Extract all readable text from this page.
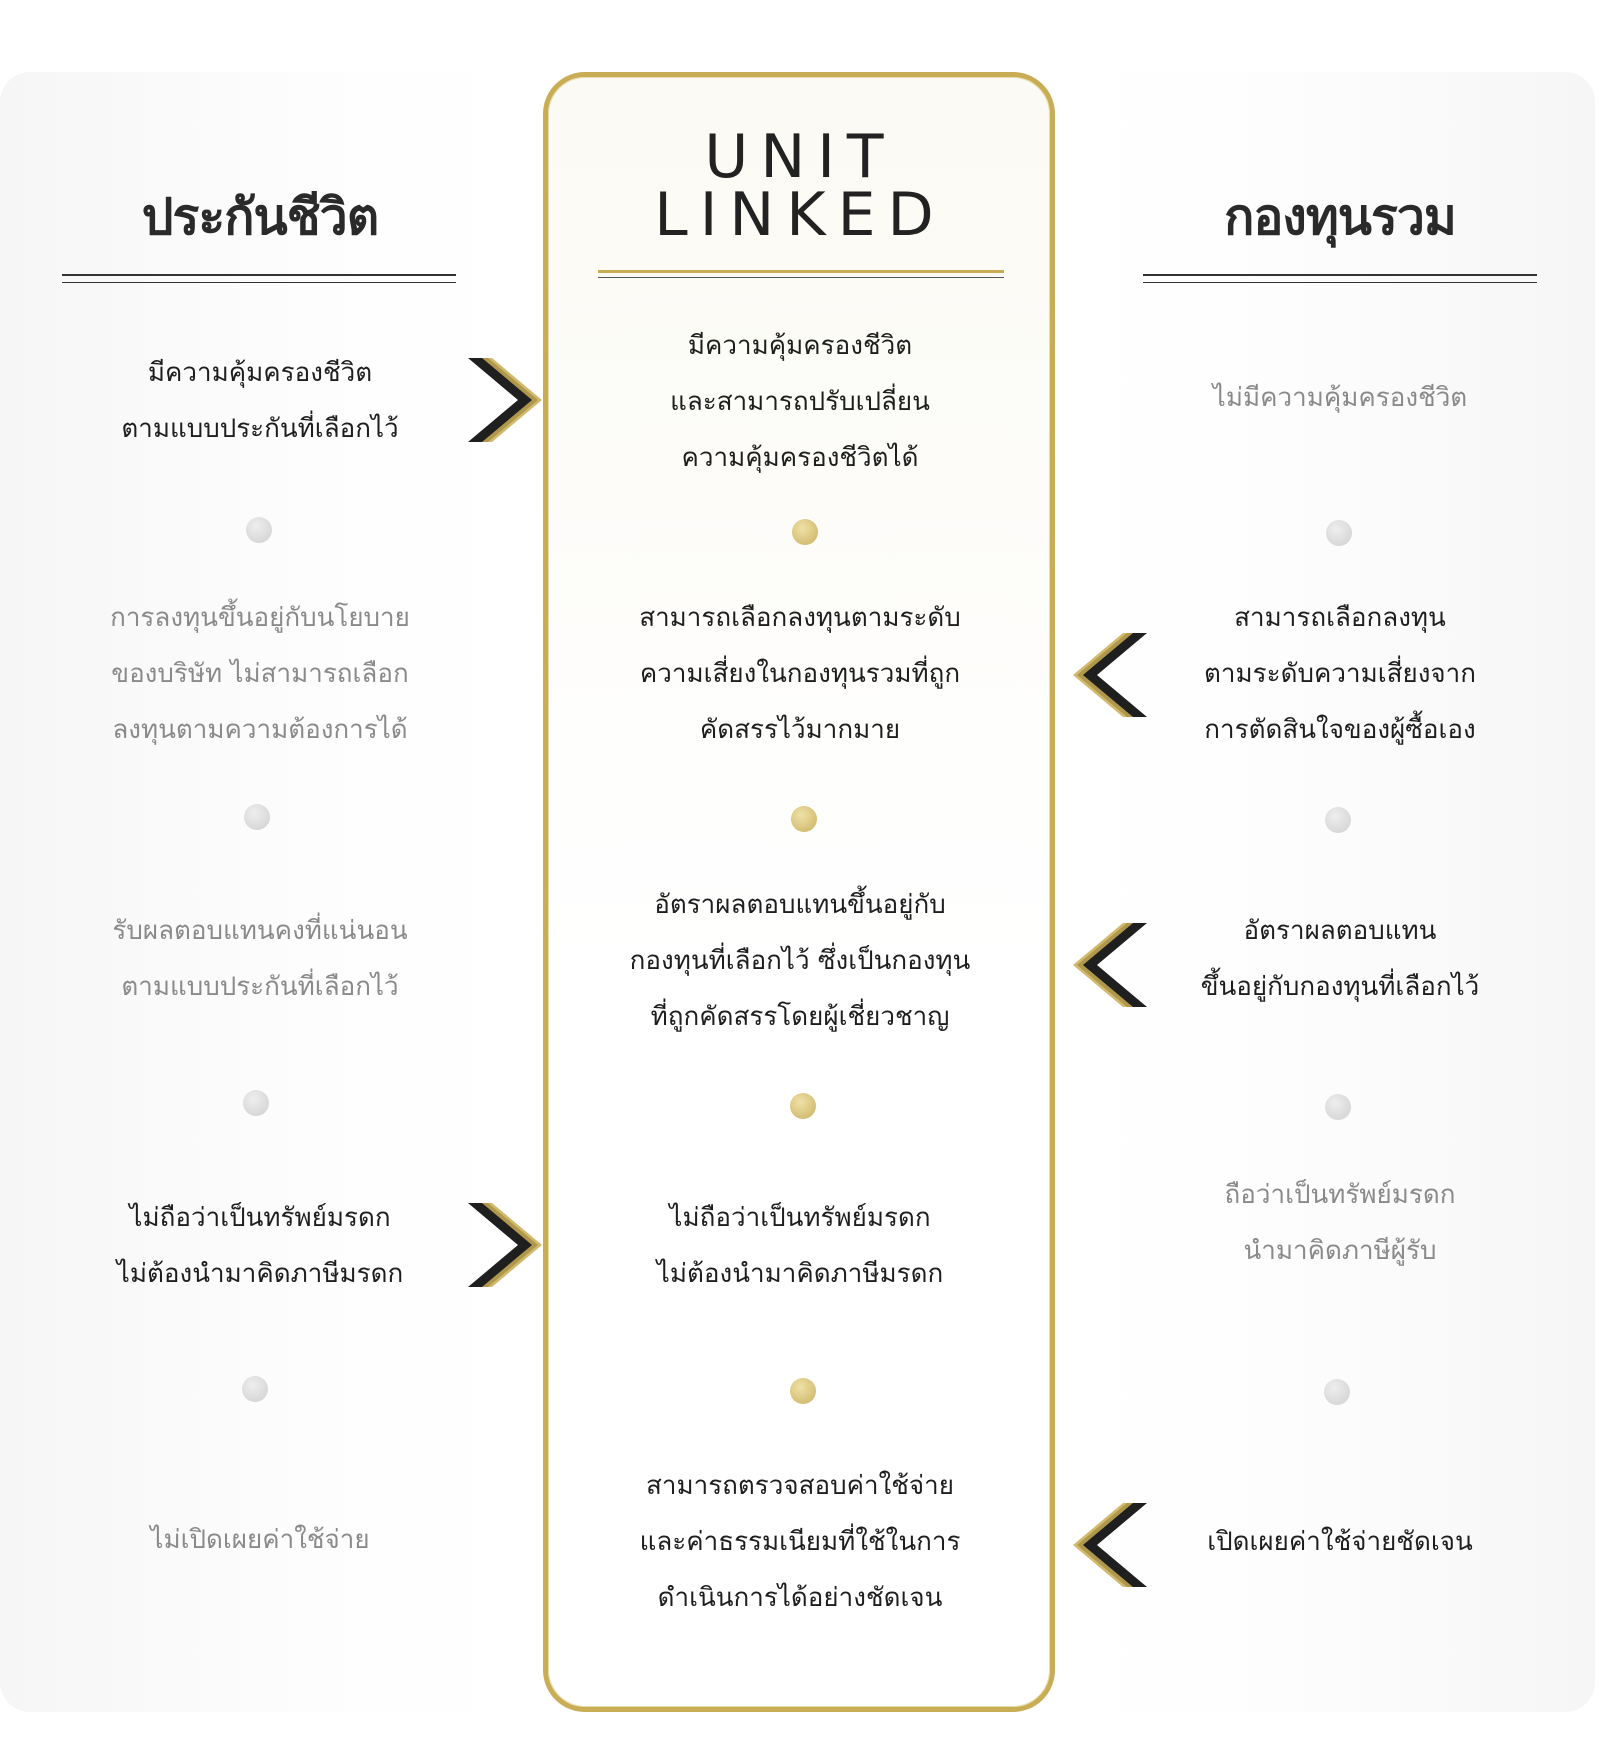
ประกันชีวิต
UNIT
LINKED	กองทุนรวม
มีความคุ้มครองชีวิต
ตามแบบประกันที่เลือกไว้
มีความคุ้มครองชีวิต
และสามารถปรับเปลี่ยน
ความคุ้มครองชีวิตได้
ไม่มีความคุ้มครองชีวิต
การลงทุนขึ้นอยู่กับนโยบาย
ของบริษัท ไม่สามารถเลือก
ลงทุนตามความต้องการได้
สามารถเลือกลงทุนตามระดับ
ความเสี่ยงในกองทุนรวมที่ถูก
คัดสรรไว้มากมาย
สามารถเลือกลงทุน
ตามระดับความเสี่ยงจาก
การตัดสินใจของผู้ซื้อเอง
รับผลตอบแทนคงที่แน่นอน
ตามแบบประกันที่เลือกไว้
อัตราผลตอบแทนขึ้นอยู่กับ
กองทุนที่เลือกไว้ ซึ่งเป็นกองทุน
ที่ถูกคัดสรรโดยผู้เชี่ยวชาญ
อัตราผลตอบแทน
ขึ้นอยู่กับกองทุนที่เลือกไว้
ไม่ถือว่าเป็นทรัพย์มรดก
ไม่ต้องนำมาคิดภาษีมรดก
ไม่ถือว่าเป็นทรัพย์มรดก
ไม่ต้องนำมาคิดภาษีมรดก
ถือว่าเป็นทรัพย์มรดก
นำมาคิดภาษีผู้รับ
ไม่เปิดเผยค่าใช้จ่าย
สามารถตรวจสอบค่าใช้จ่าย
และค่าธรรมเนียมที่ใช้ในการ
ดำเนินการได้อย่างชัดเจน
เปิดเผยค่าใช้จ่ายชัดเจน
